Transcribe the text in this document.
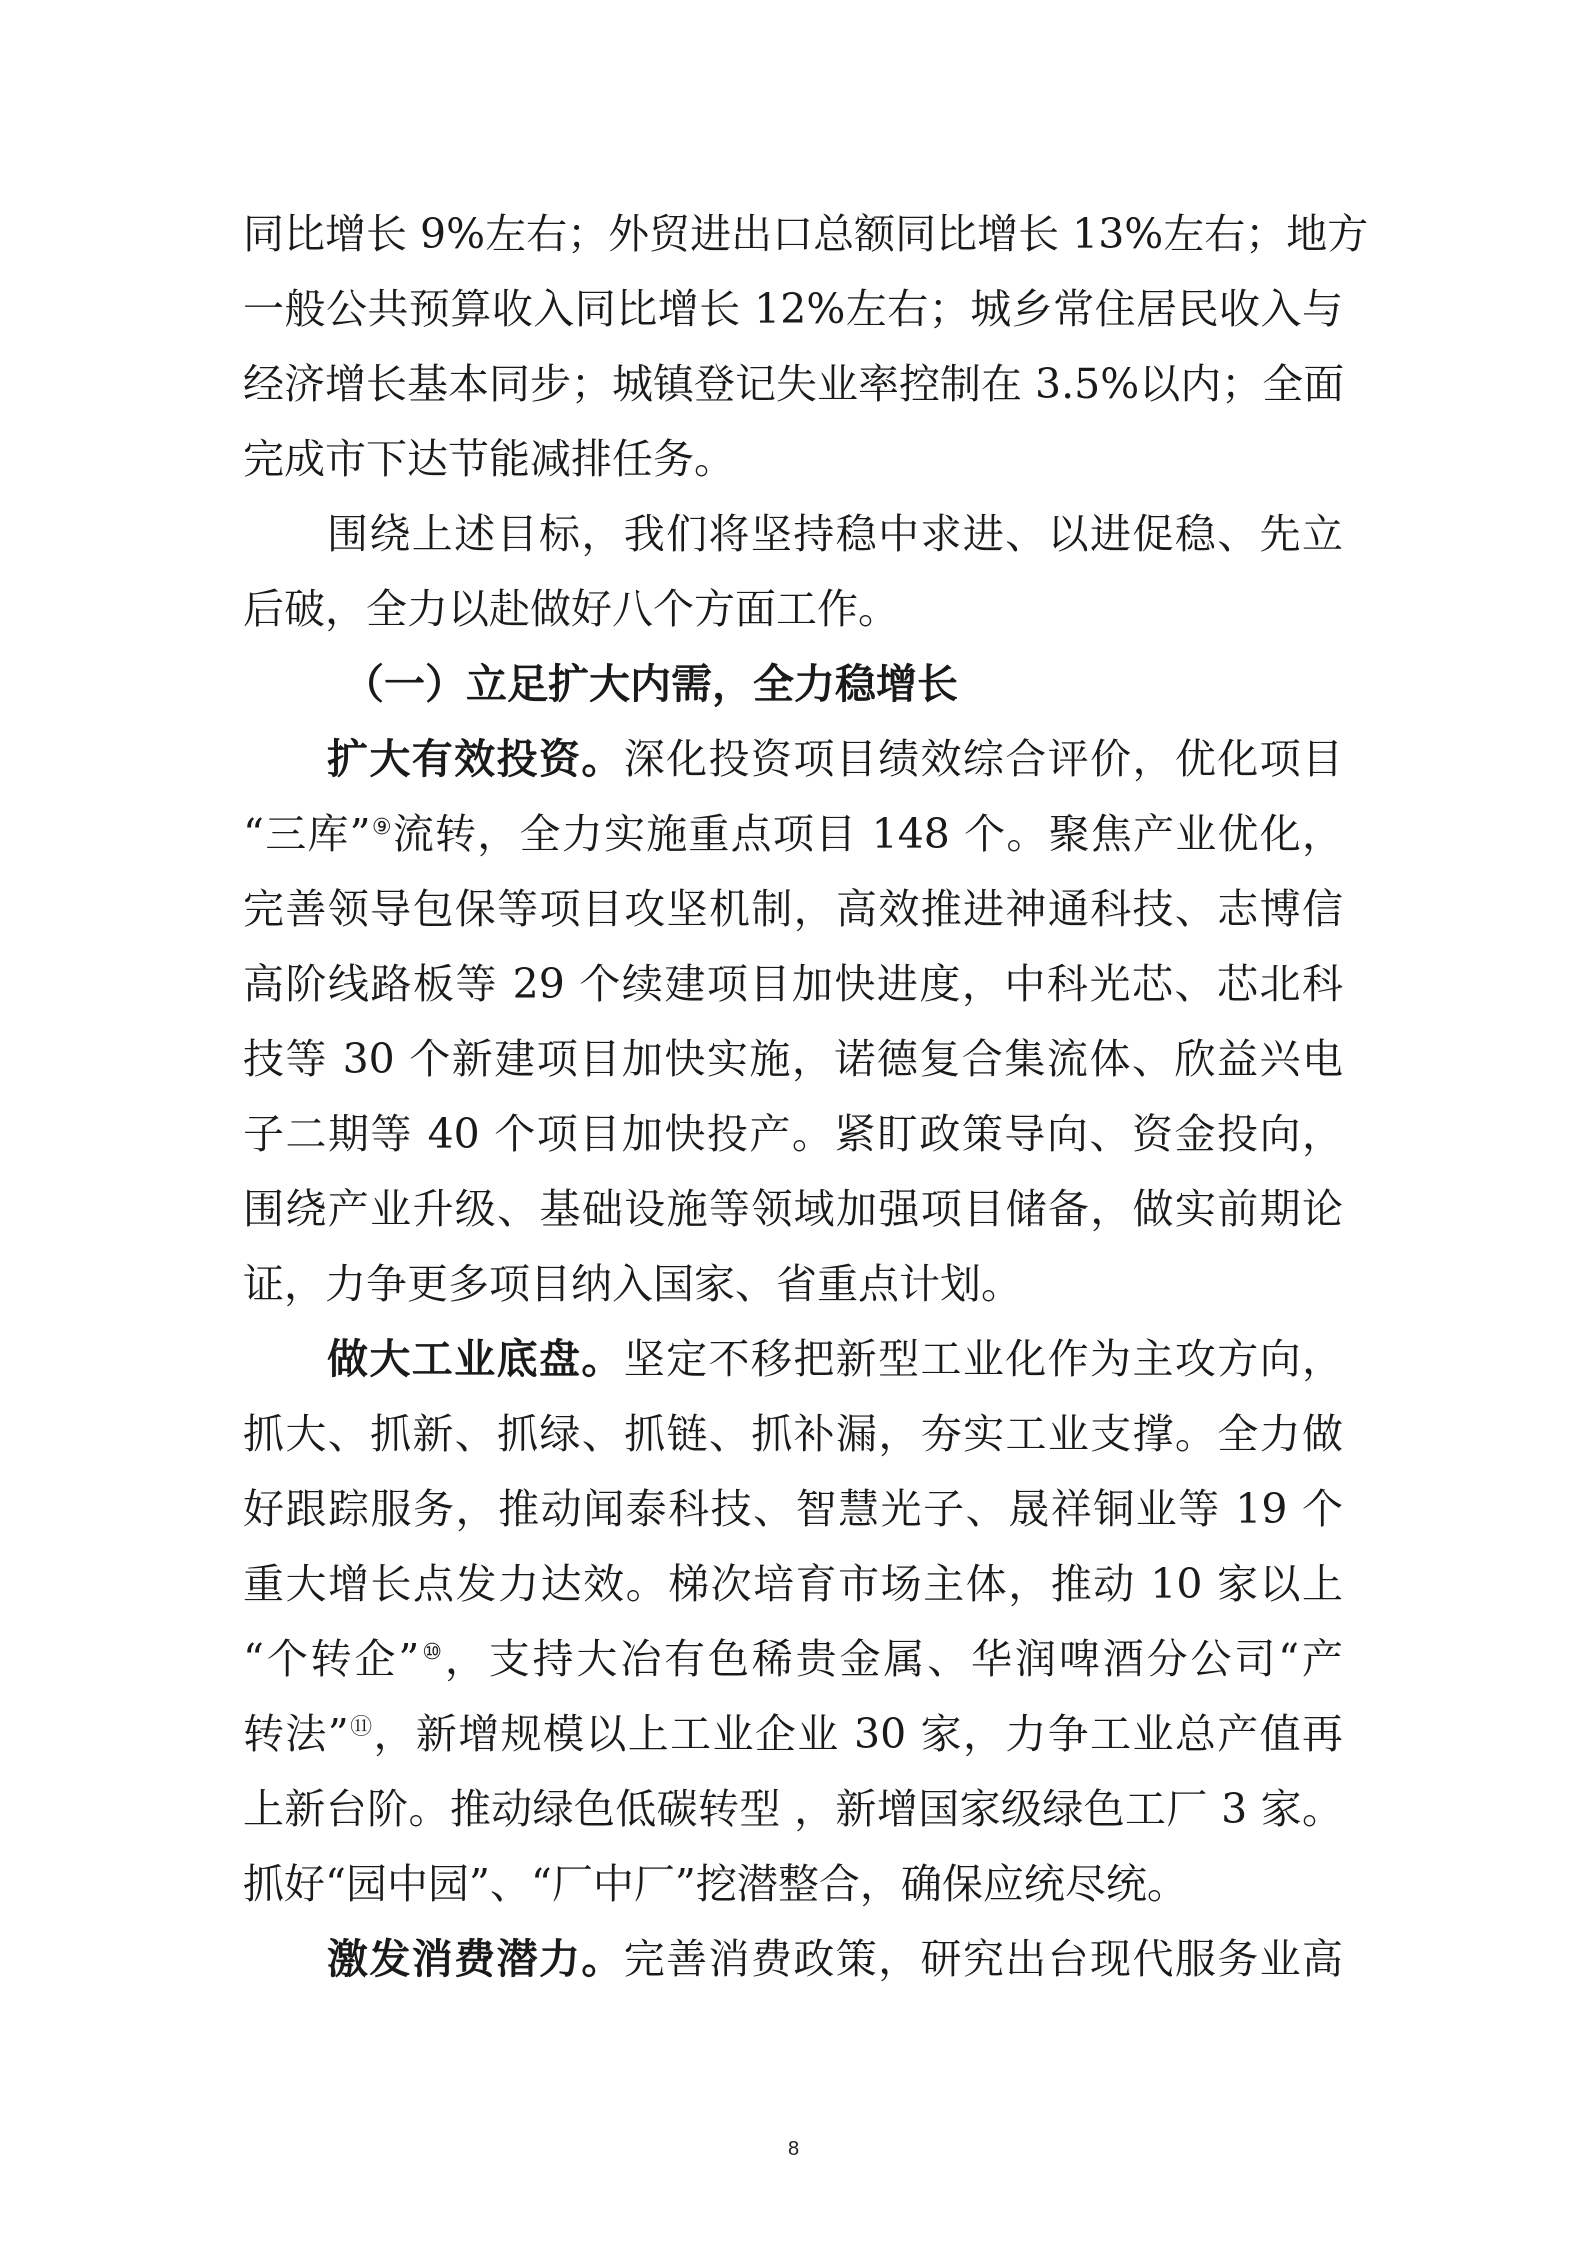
同比增长 9%左右；外贸进出口总额同比增长 13%左右；地方
一般公共预算收入同比增长 12%左右；城乡常住居民收入与
经济增长基本同步；城镇登记失业率控制在 3.5%以内；全面
完成市下达节能减排任务。
围绕上述目标，我们将坚持稳中求进、以进促稳、先立
后破，全力以赴做好八个方面工作。
（一）立足扩大内需，全力稳增长
扩大有效投资。深化投资项目绩效综合评价，优化项目
“三库”⑨流转，全力实施重点项目 148 个。聚焦产业优化，
完善领导包保等项目攻坚机制，高效推进神通科技、志博信
高阶线路板等 29 个续建项目加快进度，中科光芯、芯北科
技等 30 个新建项目加快实施，诺德复合集流体、欣益兴电
子二期等 40 个项目加快投产。紧盯政策导向、资金投向，
围绕产业升级、基础设施等领域加强项目储备，做实前期论
证，力争更多项目纳入国家、省重点计划。
做大工业底盘。坚定不移把新型工业化作为主攻方向，
抓大、抓新、抓绿、抓链、抓补漏，夯实工业支撑。全力做
好跟踪服务，推动闻泰科技、智慧光子、晟祥铜业等 19 个
重大增长点发力达效。梯次培育市场主体，推动 10 家以上
“个转企”⑩，支持大冶有色稀贵金属、华润啤酒分公司“产
转法”⑪，新增规模以上工业企业 30 家，力争工业总产值再
上新台阶。推动绿色低碳转型 ，新增国家级绿色工厂 3 家。
抓好“园中园”、“厂中厂”挖潜整合，确保应统尽统。
激发消费潜力。完善消费政策，研究出台现代服务业高
8
